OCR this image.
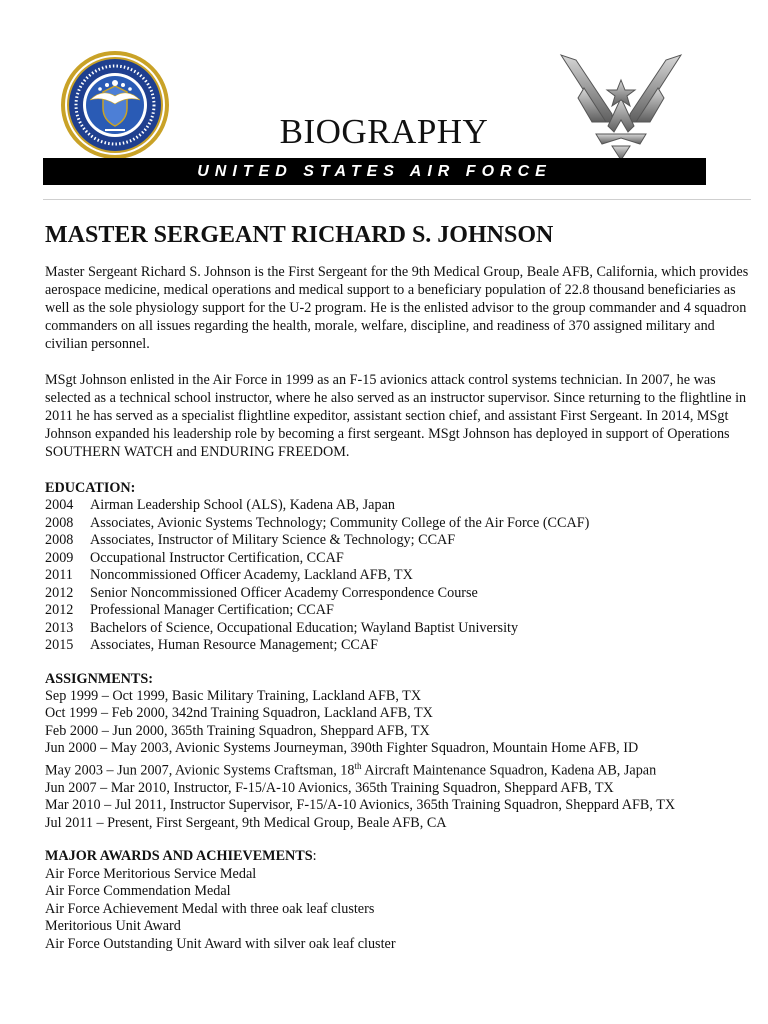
BIOGRAPHY
UNITED STATES AIR FORCE
MASTER SERGEANT RICHARD S. JOHNSON

Master Sergeant Richard S. Johnson is the First Sergeant for the 9th Medical Group, Beale AFB, California, which provides aerospace medicine, medical operations and medical support to a beneficiary population of 22.8 thousand beneficiaries as well as the sole physiology support for the U-2 program. He is the enlisted advisor to the group commander and 4 squadron commanders on all issues regarding the health, morale, welfare, discipline, and readiness of 370 assigned military and civilian personnel.

MSgt Johnson enlisted in the Air Force in 1999 as an F-15 avionics attack control systems technician. In 2007, he was selected as a technical school instructor, where he also served as an instructor supervisor. Since returning to the flightline in 2011 he has served as a specialist flightline expeditor, assistant section chief, and assistant First Sergeant. In 2014, MSgt Johnson expanded his leadership role by becoming a first sergeant. MSgt Johnson has deployed in support of Operations SOUTHERN WATCH and ENDURING FREEDOM.

EDUCATION:
2004 Airman Leadership School (ALS), Kadena AB, Japan
2008 Associates, Avionic Systems Technology; Community College of the Air Force (CCAF)
2008 Associates, Instructor of Military Science & Technology; CCAF
2009 Occupational Instructor Certification, CCAF
2011 Noncommissioned Officer Academy, Lackland AFB, TX
2012 Senior Noncommissioned Officer Academy Correspondence Course
2012 Professional Manager Certification; CCAF
2013 Bachelors of Science, Occupational Education; Wayland Baptist University
2015 Associates, Human Resource Management; CCAF
ASSIGNMENTS:
Sep 1999 – Oct 1999, Basic Military Training, Lackland AFB, TX
Oct 1999 – Feb 2000, 342nd Training Squadron, Lackland AFB, TX
Feb 2000 – Jun 2000, 365th Training Squadron, Sheppard AFB, TX
Jun 2000 – May 2003, Avionic Systems Journeyman, 390th Fighter Squadron, Mountain Home AFB, ID
May 2003 – Jun 2007, Avionic Systems Craftsman, 18th Aircraft Maintenance Squadron, Kadena AB, Japan
Jun 2007 – Mar 2010, Instructor, F-15/A-10 Avionics, 365th Training Squadron, Sheppard AFB, TX
Mar 2010 – Jul 2011, Instructor Supervisor, F-15/A-10 Avionics, 365th Training Squadron, Sheppard AFB, TX
Jul 2011 – Present, First Sergeant, 9th Medical Group, Beale AFB, CA
MAJOR AWARDS AND ACHIEVEMENTS:
Air Force Meritorious Service Medal
Air Force Commendation Medal
Air Force Achievement Medal with three oak leaf clusters
Meritorious Unit Award
Air Force Outstanding Unit Award with silver oak leaf cluster
